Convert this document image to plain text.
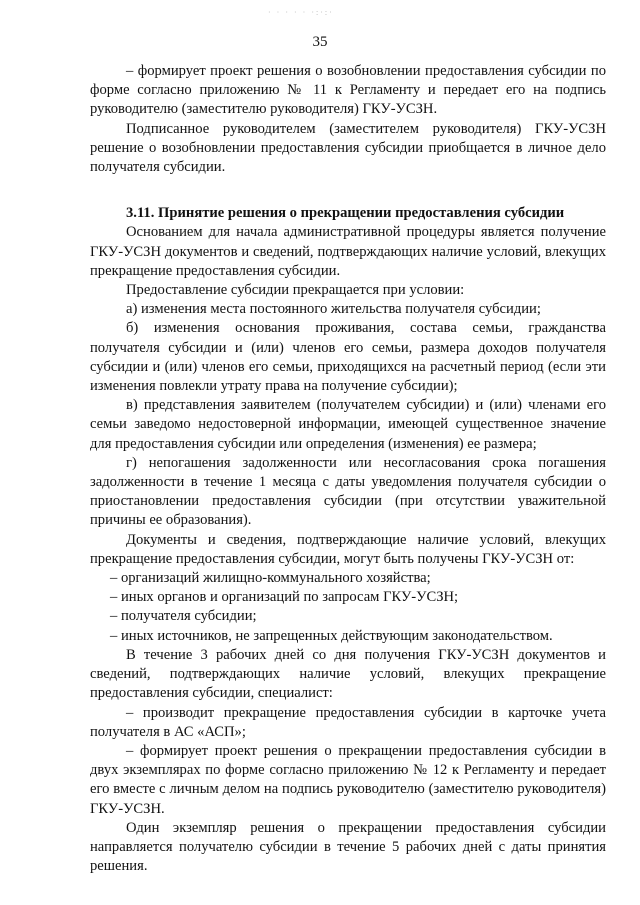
· · · · · ·:·:·
35

– формирует проект решения о возобновлении предоставления субсидии по форме согласно приложению № 11 к Регламенту и передает его на подпись руководителю (заместителю руководителя) ГКУ-УСЗН.

Подписанное руководителем (заместителем руководителя) ГКУ-УСЗН решение о возобновлении предоставления субсидии приобщается в личное дело получателя субсидии.

3.11. Принятие решения о прекращении предоставления субсидии

Основанием для начала административной процедуры является получение ГКУ-УСЗН документов и сведений, подтверждающих наличие условий, влекущих прекращение предоставления субсидии.

Предоставление субсидии прекращается при условии:

а) изменения места постоянного жительства получателя субсидии;

б) изменения основания проживания, состава семьи, гражданства получателя субсидии и (или) членов его семьи, размера доходов получателя субсидии и (или) членов его семьи, приходящихся на расчетный период (если эти изменения повлекли утрату права на получение субсидии);

в) представления заявителем (получателем субсидии) и (или) членами его семьи заведомо недостоверной информации, имеющей существенное значение для предоставления субсидии или определения (изменения) ее размера;

г) непогашения задолженности или несогласования срока погашения задолженности в течение 1 месяца с даты уведомления получателя субсидии о приостановлении предоставления субсидии (при отсутствии уважительной причины ее образования).

Документы и сведения, подтверждающие наличие условий, влекущих прекращение предоставления субсидии, могут быть получены ГКУ-УСЗН от:

– организаций жилищно-коммунального хозяйства;

– иных органов и организаций по запросам ГКУ-УСЗН;

– получателя субсидии;

– иных источников, не запрещенных действующим законодательством.

В течение 3 рабочих дней со дня получения ГКУ-УСЗН документов и сведений, подтверждающих наличие условий, влекущих прекращение предоставления субсидии, специалист:

– производит прекращение предоставления субсидии в карточке учета получателя в АС «АСП»;

– формирует проект решения о прекращении предоставления субсидии в двух экземплярах по форме согласно приложению № 12 к Регламенту и передает его вместе с личным делом на подпись руководителю (заместителю руководителя) ГКУ-УСЗН.

Один экземпляр решения о прекращении предоставления субсидии направляется получателю субсидии в течение 5 рабочих дней с даты принятия решения.
